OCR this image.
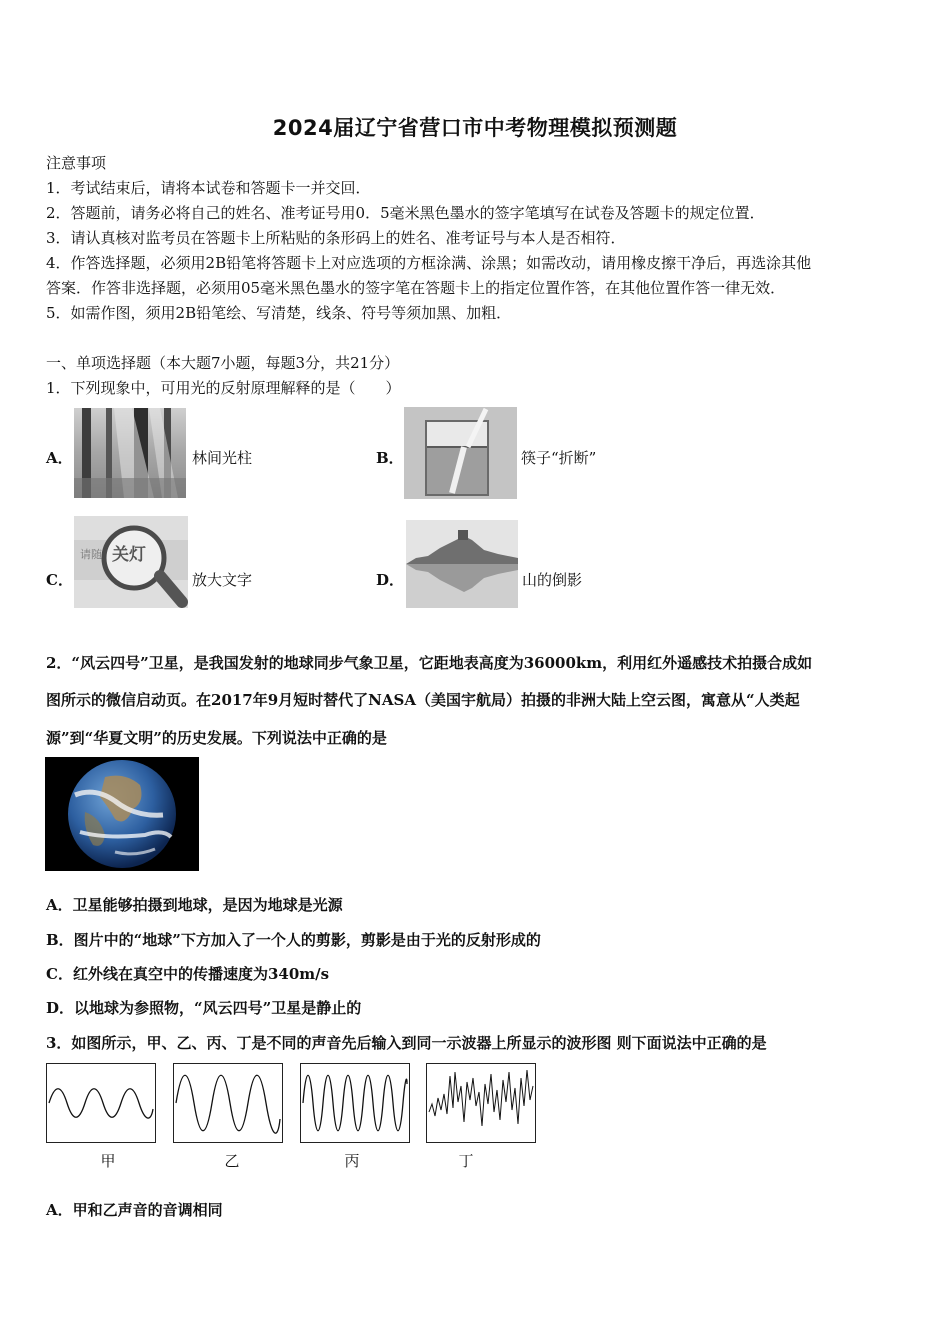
2024届辽宁省营口市中考物理模拟预测题
注意事项
1．考试结束后，请将本试卷和答题卡一并交回．
2．答题前，请务必将自己的姓名、准考证号用0．5毫米黑色墨水的签字笔填写在试卷及答题卡的规定位置．
3．请认真核对监考员在答题卡上所粘贴的条形码上的姓名、准考证号与本人是否相符．
4．作答选择题，必须用2B铅笔将答题卡上对应选项的方框涂满、涂黑；如需改动，请用橡皮擦干净后，再选涂其他
答案．作答非选择题，必须用05毫米黑色墨水的签字笔在答题卡上的指定位置作答，在其他位置作答一律无效．
5．如需作图，须用2B铅笔绘、写清楚，线条、符号等须加黑、加粗．
一、单项选择题（本大题7小题，每题3分，共21分）
1．下列现象中，可用光的反射原理解释的是（　　）
A．	林间光柱	B．	筷子“折断”
C．
请随 关灯
放大文字	D．	山的倒影
2．“风云四号”卫星，是我国发射的地球同步气象卫星，它距地表高度为36000km，利用红外遥感技术拍摄合成如
图所示的微信启动页。在2017年9月短时替代了NASA（美国宇航局）拍摄的非洲大陆上空云图，寓意从“人类起
源”到“华夏文明”的历史发展。下列说法中正确的是
A．卫星能够拍摄到地球，是因为地球是光源
B．图片中的“地球”下方加入了一个人的剪影，剪影是由于光的反射形成的
C．红外线在真空中的传播速度为340m/s
D．以地球为参照物，“风云四号”卫星是静止的
3．如图所示，甲、乙、丙、丁是不同的声音先后输入到同一示波器上所显示的波形图 则下面说法中正确的是
甲	乙	丙	丁
A．甲和乙声音的音调相同
